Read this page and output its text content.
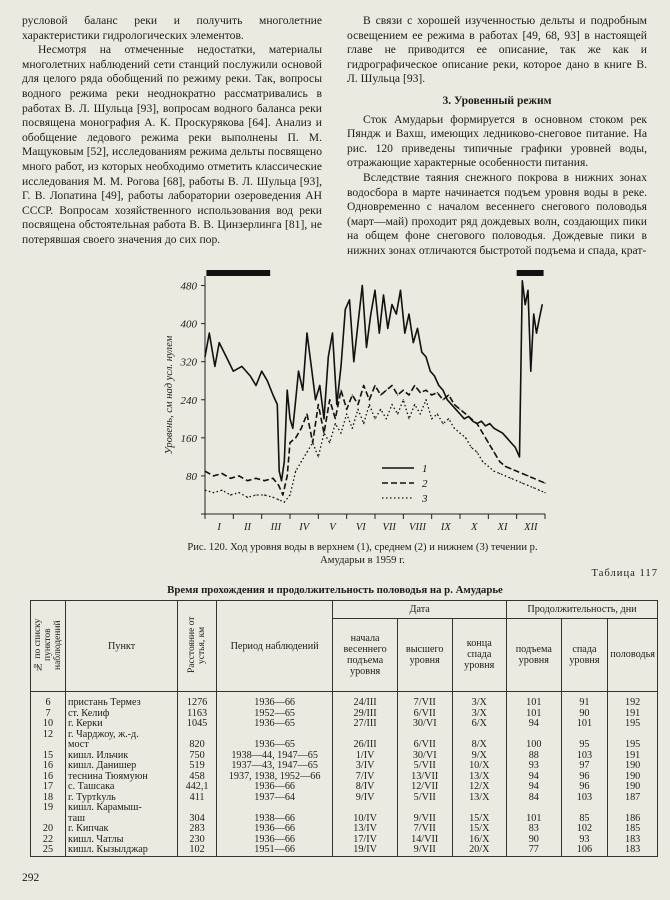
русловой баланс реки и получить многолетние характеристики гидрологических элементов.

Несмотря на отмеченные недостатки, материалы многолетних наблюдений сети станций послужили основой для целого ряда обобщений по режиму реки. Так, вопросы водного режима реки неоднократно рассматривались в работах В. Л. Шульца [93], вопросам водного баланса реки посвящена монография А. К. Проскурякова [64]. Анализ и обобщение ледового режима реки выполнены П. М. Мащуковым [52], исследованиям режима дельты посвящено много работ, из которых необходимо отметить классические исследования М. М. Рогова [68], работы В. Л. Шульца [93], Г. В. Лопатина [49], работы лаборатории озероведения АН СССР. Вопросам хозяйственного использования вод реки посвящена обстоятельная работа В. В. Цинзерлинга [81], не потерявшая своего значения до сих пор.

В связи с хорошей изученностью дельты и подробным освещением ее режима в работах [49, 68, 93] в настоящей главе не приводится ее описание, так же как и гидрографическое описание реки, которое дано в книге В. Л. Шульца [93].

3. Уровенный режим

Сток Амударьи формируется в основном стоком рек Пяндж и Вахш, имеющих ледниково-снеговое питание. На рис. 120 приведены типичные графики уровней воды, отражающие характерные особенности питания.

Вследствие таяния снежного покрова в нижних зонах водосбора в марте начинается подъем уровня воды в реке. Одновременно с началом весеннего снегового половодья (март—май) проходит ряд дождевых волн, создающих пики на общем фоне снегового половодья. Дождевые пики в нижних зонах отличаются быстротой подъема и спада, крат-

80
160
240
320
400
480
I II III IV V VI VII VIII IX X XI XII
Уровень, см над усл. нулем
1
2
3
Рис. 120. Ход уровня воды в верхнем (1), среднем (2) и нижнем (3) течении р. Амударьи в 1959 г.
Таблица 117
Время прохождения и продолжительность половодья на р. Амударье
№ по списку пунктов наблюдений	Пункт	Расстояние от устья, км	Период наблюдений	Дата			Продолжительность, дни		
				начала весеннего подъема уровня	высшего уровня	конца спада уровня	подъема уровня	спада уровня	половодья
6	пристань Термез	1276	1936—66	24/III	7/VII	3/X	101	91	192
7	ст. Келиф	1163	1952—65	29/III	6/VII	3/X	101	90	191
10	г. Керки	1045	1936—65	27/III	30/VI	6/X	94	101	195
12	г. Чарджоу, ж.-д.								
	мост	820	1936—65	26/III	6/VII	8/X	100	95	195
15	кишл. Ильчик	750	1938—44, 1947—65	1/IV	30/VI	9/X	88	103	191
16	кишл. Данишер	519	1937—43, 1947—65	3/IV	5/VII	10/X	93	97	190
16	теснина Тюямуюн	458	1937, 1938, 1952—66	7/IV	13/VII	13/X	94	96	190
17	с. Ташсака	442,1	1936—66	8/IV	12/VII	12/X	94	96	190
18	г. Туртkуль	411	1937—64	9/IV	5/VII	13/X	84	103	187
19	кишл. Карамыш-								
	таш	304	1938—66	10/IV	9/VII	15/X	101	85	186
20	г. Кипчак	283	1936—66	13/IV	7/VII	15/X	83	102	185
22	кишл. Чатлы	230	1936—66	17/IV	14/VII	16/X	90	93	183
25	кишл. Кызылджар	102	1951—66	19/IV	9/VII	20/X	77	106	183
292
